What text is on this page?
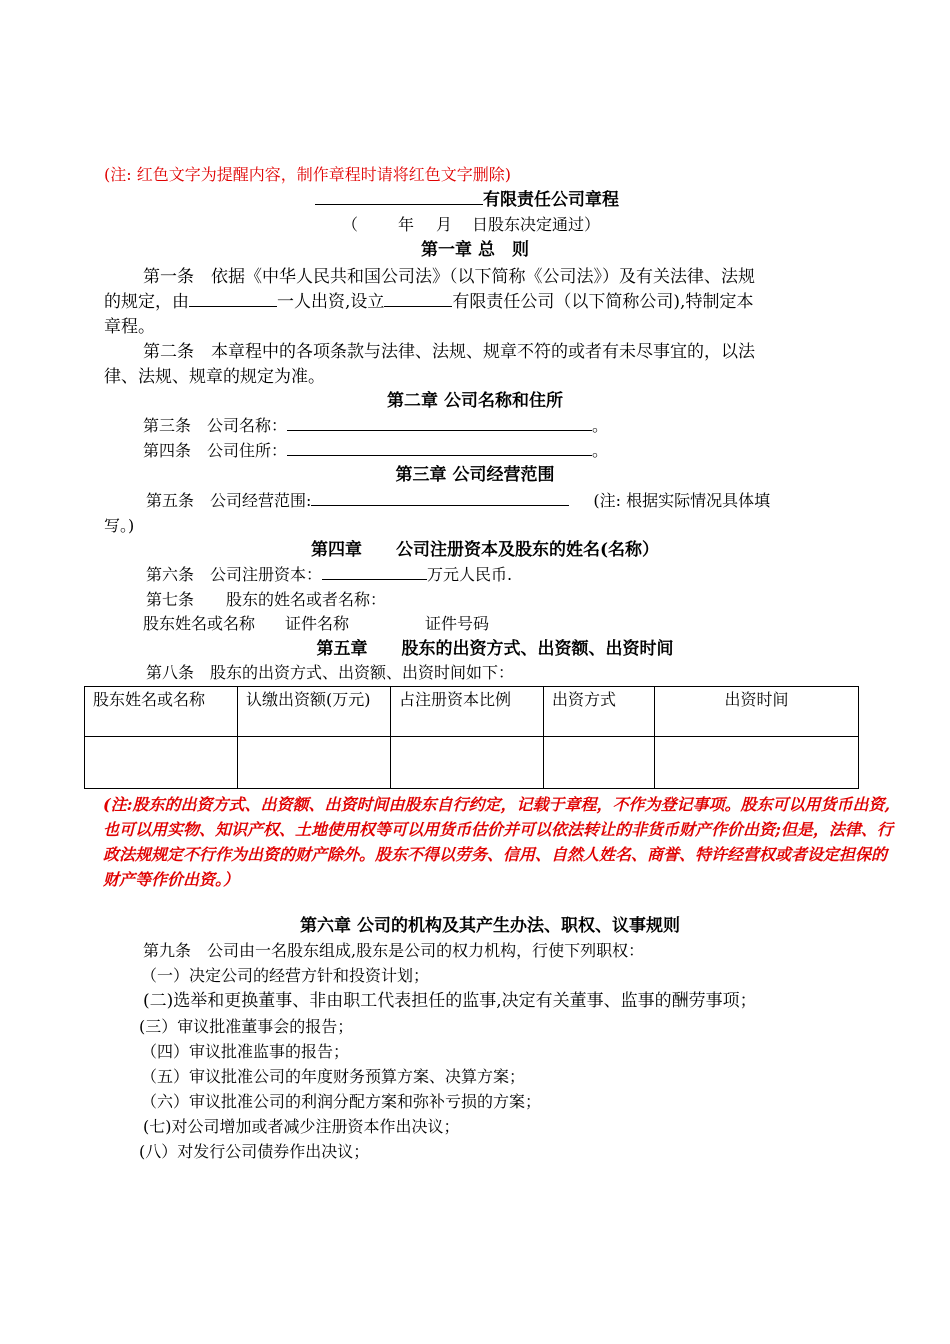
(注: 红色文字为提醒内容，制作章程时请将红色文字删除)
有限责任公司章程
（	年 月 日股东决定通过）
第一章 总　则
第一条　依据《中华人民共和国公司法》（以下简称《公司法》）及有关法律、法规
的规定，由	一人出资,设立	有限责任公司（以下简称公司),特制定本
章程。
第二条　本章程中的各项条款与法律、法规、规章不符的或者有未尽事宜的，以法
律、法规、规章的规定为准。
第二章 公司名称和住所
第三条　公司名称：	。
第四条　公司住所：	。
第三章 公司经营范围
第五条　公司经营范围:	(注: 根据实际情况具体填
写。)
第四章　　公司注册资本及股东的姓名(名称）
第六条　公司注册资本：	万元人民币.
第七条　　股东的姓名或者名称：
股东姓名或名称 证件名称	证件号码
第五章　　股东的出资方式、出资额、出资时间
第八条　股东的出资方式、出资额、出资时间如下：
股东姓名或名称	认缴出资额(万元)	占注册资本比例	出资方式	出资时间

(注:股东的出资方式、出资额、出资时间由股东自行约定，记载于章程，不作为登记事项。股东可以用货币出资,也可以用实物、知识产权、土地使用权等可以用货币估价并可以依法转让的非货币财产作价出资;但是，法律、行政法规规定不行作为出资的财产除外。股东不得以劳务、信用、自然人姓名、商誉、特许经营权或者设定担保的财产等作价出资。）
第六章 公司的机构及其产生办法、职权、议事规则
第九条　公司由一名股东组成,股东是公司的权力机构，行使下列职权：
（一）决定公司的经营方针和投资计划；
(二)选举和更换董事、非由职工代表担任的监事,决定有关董事、监事的酬劳事项；
(三）审议批准董事会的报告；
（四）审议批准监事的报告；
（五）审议批准公司的年度财务预算方案、决算方案；
（六）审议批准公司的利润分配方案和弥补亏损的方案；
(七)对公司增加或者减少注册资本作出决议；
(八）对发行公司债券作出决议；
